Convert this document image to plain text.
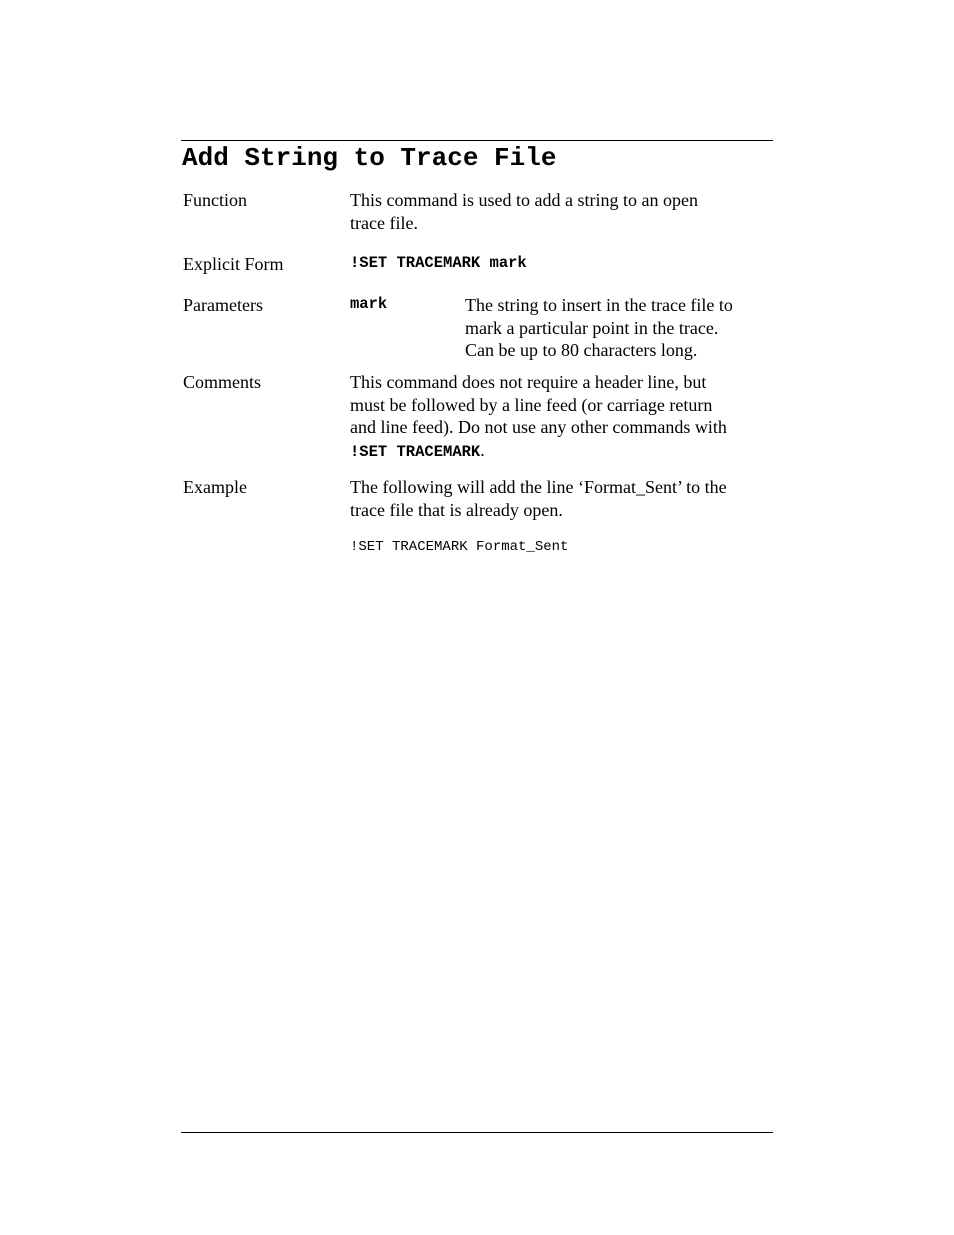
Add String to Trace File
Function	This command is used to add a string to an open
trace file.
Explicit Form	!SET TRACEMARK mark
Parameters	mark	The string to insert in the trace file to
mark a particular point in the trace.
Can be up to 80 characters long.
Comments	This command does not require a header line, but
must be followed by a line feed (or carriage return
and line feed). Do not use any other commands with
!SET TRACEMARK.
Example	The following will add the line ‘Format_Sent’ to the
trace file that is already open.
!SET TRACEMARK Format_Sent
